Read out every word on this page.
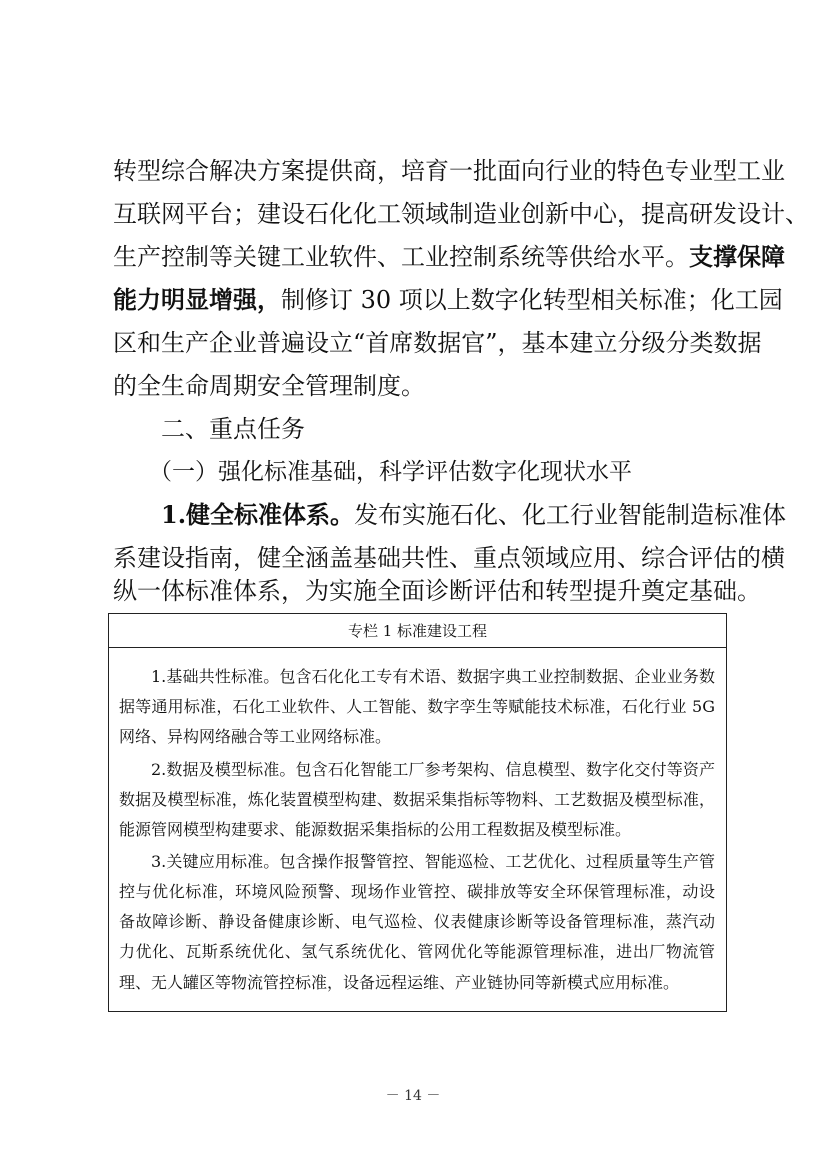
转型综合解决方案提供商，培育一批面向行业的特色专业型工业
互联网平台；建设石化化工领域制造业创新中心，提高研发设计、
生产控制等关键工业软件、工业控制系统等供给水平。支撑保障
能力明显增强，制修订 30 项以上数字化转型相关标准；化工园
区和生产企业普遍设立“首席数据官”，基本建立分级分类数据
的全生命周期安全管理制度。
二、重点任务
（一）强化标准基础，科学评估数字化现状水平
1.健全标准体系。发布实施石化、化工行业智能制造标准体
系建设指南，健全涵盖基础共性、重点领域应用、综合评估的横
纵一体标准体系，为实施全面诊断评估和转型提升奠定基础。
专栏 1 标准建设工程
1.基础共性标准。包含石化化工专有术语、数据字典工业控制数据、企业业务数
据等通用标准，石化工业软件、人工智能、数字孪生等赋能技术标准，石化行业 5G
网络、异构网络融合等工业网络标准。
2.数据及模型标准。包含石化智能工厂参考架构、信息模型、数字化交付等资产
数据及模型标准，炼化装置模型构建、数据采集指标等物料、工艺数据及模型标准，
能源管网模型构建要求、能源数据采集指标的公用工程数据及模型标准。
3.关键应用标准。包含操作报警管控、智能巡检、工艺优化、过程质量等生产管
控与优化标准，环境风险预警、现场作业管控、碳排放等安全环保管理标准，动设
备故障诊断、静设备健康诊断、电气巡检、仪表健康诊断等设备管理标准，蒸汽动
力优化、瓦斯系统优化、氢气系统优化、管网优化等能源管理标准，进出厂物流管
理、无人罐区等物流管控标准，设备远程运维、产业链协同等新模式应用标准。
－ 14 －
